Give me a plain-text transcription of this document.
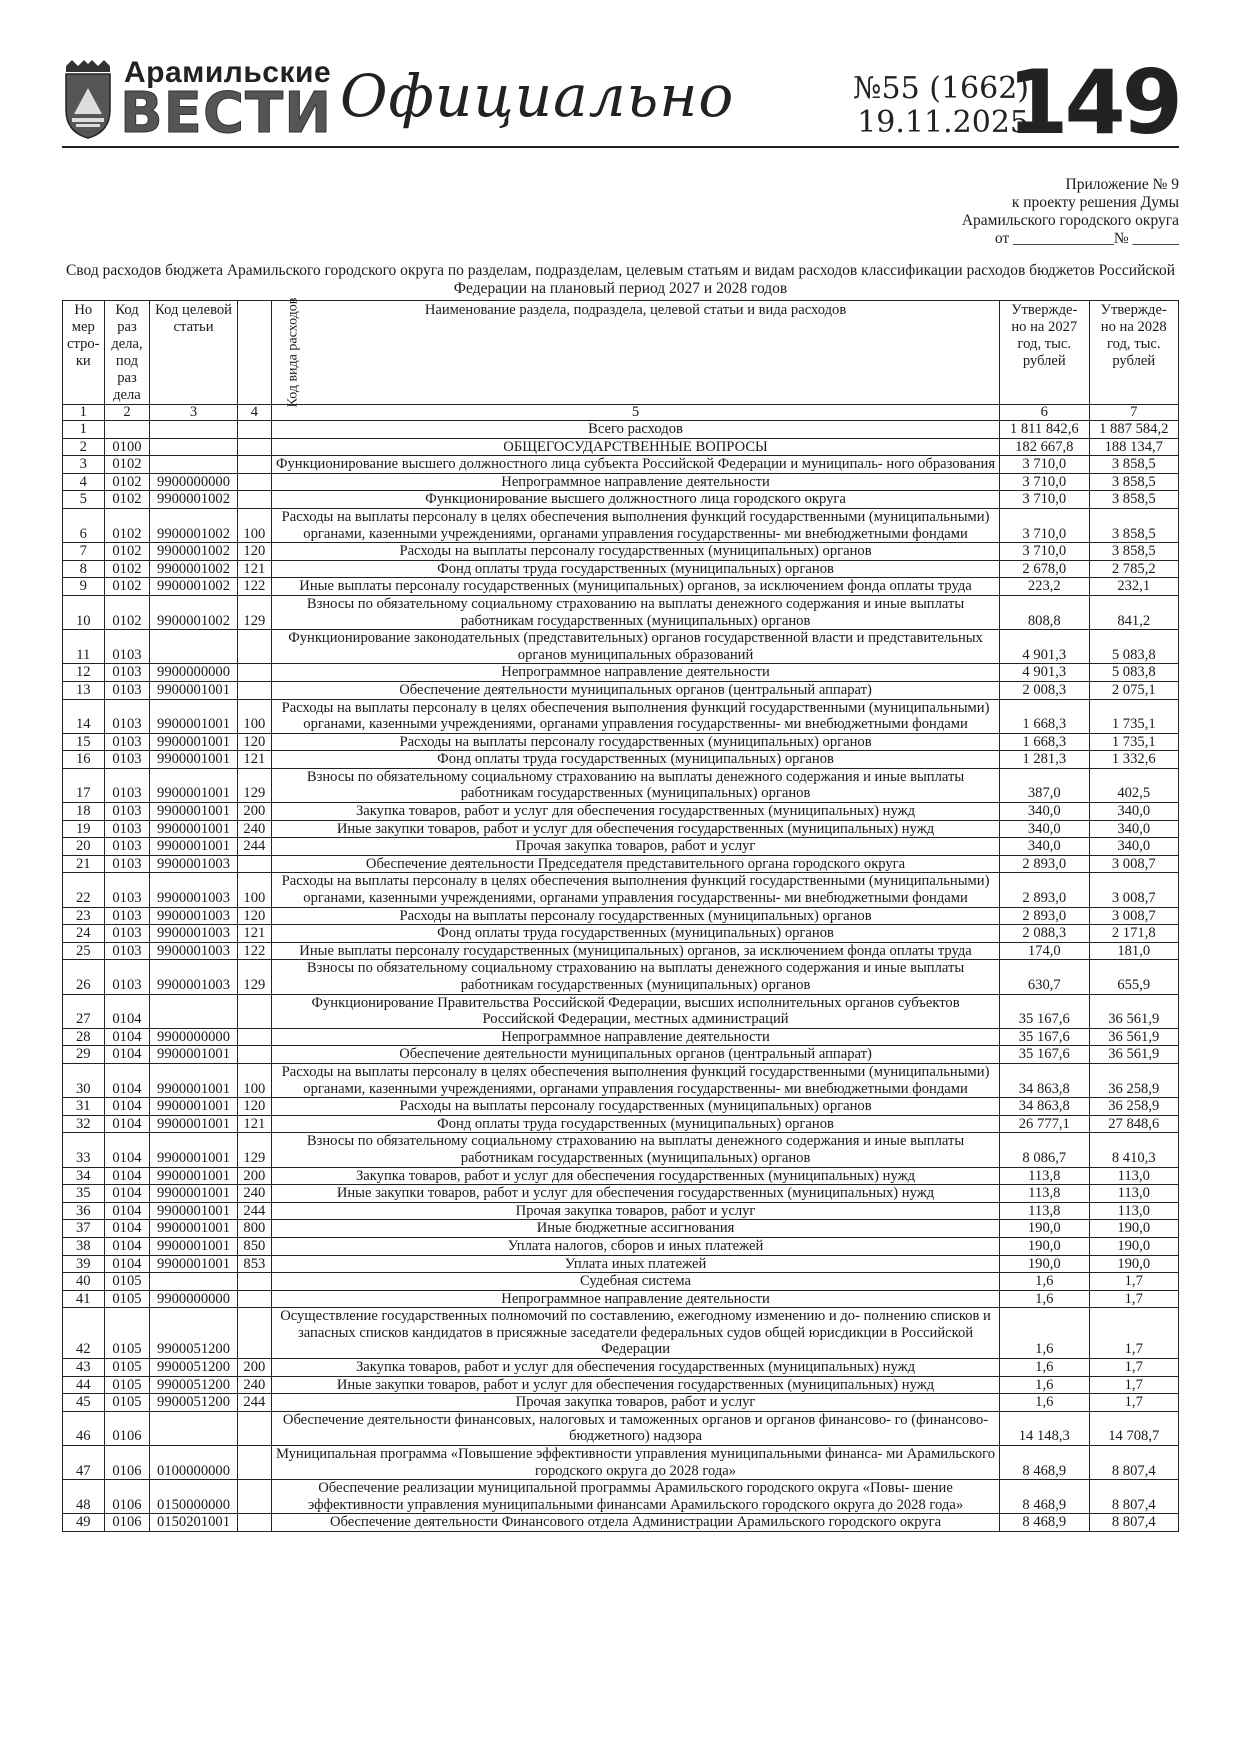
Арамильские
ВЕСТИ Официально	№55 (1662)
19.11.2025
149
Приложение № 9
к проекту решения Думы
Арамильского городского округа
от _____________№ ______
Свод расходов бюджета Арамильского городского округа по разделам, подразделам, целевым статьям и видам расходов классификации расходов бюджетов Российской Федерации на плановый период 2027 и 2028 годов
Но мер стро- ки	Код раз дела, под раз дела	Код целевой статьи	Код вида расходов	Наименование раздела, подраздела, целевой статьи и вида расходов	Утвержде- но на 2027 год, тыс. рублей	Утвержде- но на 2028 год, тыс. рублей
1	2	3	4	5	6	7
1				Всего расходов	1 811 842,6	1 887 584,2
2	0100			ОБЩЕГОСУДАРСТВЕННЫЕ ВОПРОСЫ	182 667,8	188 134,7
3	0102			Функционирование высшего должностного лица субъекта Российской Федерации и муниципаль- ного образования	3 710,0	3 858,5
4	0102	9900000000		Непрограммное направление деятельности	3 710,0	3 858,5
5	0102	9900001002		Функционирование высшего должностного лица городского округа	3 710,0	3 858,5
6	0102	9900001002	100	Расходы на выплаты персоналу в целях обеспечения выполнения функций государственными (муниципальными) органами, казенными учреждениями, органами управления государственны- ми внебюджетными фондами	3 710,0	3 858,5
7	0102	9900001002	120	Расходы на выплаты персоналу государственных (муниципальных) органов	3 710,0	3 858,5
8	0102	9900001002	121	Фонд оплаты труда государственных (муниципальных) органов	2 678,0	2 785,2
9	0102	9900001002	122	Иные выплаты персоналу государственных (муниципальных) органов, за исключением фонда оплаты труда	223,2	232,1
10	0102	9900001002	129	Взносы по обязательному социальному страхованию на выплаты денежного содержания и иные выплаты работникам государственных (муниципальных) органов	808,8	841,2
11	0103			Функционирование законодательных (представительных) органов государственной власти и представительных органов муниципальных образований	4 901,3	5 083,8
12	0103	9900000000		Непрограммное направление деятельности	4 901,3	5 083,8
13	0103	9900001001		Обеспечение деятельности муниципальных органов (центральный аппарат)	2 008,3	2 075,1
14	0103	9900001001	100	Расходы на выплаты персоналу в целях обеспечения выполнения функций государственными (муниципальными) органами, казенными учреждениями, органами управления государственны- ми внебюджетными фондами	1 668,3	1 735,1
15	0103	9900001001	120	Расходы на выплаты персоналу государственных (муниципальных) органов	1 668,3	1 735,1
16	0103	9900001001	121	Фонд оплаты труда государственных (муниципальных) органов	1 281,3	1 332,6
17	0103	9900001001	129	Взносы по обязательному социальному страхованию на выплаты денежного содержания и иные выплаты работникам государственных (муниципальных) органов	387,0	402,5
18	0103	9900001001	200	Закупка товаров, работ и услуг для обеспечения государственных (муниципальных) нужд	340,0	340,0
19	0103	9900001001	240	Иные закупки товаров, работ и услуг для обеспечения государственных (муниципальных) нужд	340,0	340,0
20	0103	9900001001	244	Прочая закупка товаров, работ и услуг	340,0	340,0
21	0103	9900001003		Обеспечение деятельности Председателя представительного органа городского округа	2 893,0	3 008,7
22	0103	9900001003	100	Расходы на выплаты персоналу в целях обеспечения выполнения функций государственными (муниципальными) органами, казенными учреждениями, органами управления государственны- ми внебюджетными фондами	2 893,0	3 008,7
23	0103	9900001003	120	Расходы на выплаты персоналу государственных (муниципальных) органов	2 893,0	3 008,7
24	0103	9900001003	121	Фонд оплаты труда государственных (муниципальных) органов	2 088,3	2 171,8
25	0103	9900001003	122	Иные выплаты персоналу государственных (муниципальных) органов, за исключением фонда оплаты труда	174,0	181,0
26	0103	9900001003	129	Взносы по обязательному социальному страхованию на выплаты денежного содержания и иные выплаты работникам государственных (муниципальных) органов	630,7	655,9
27	0104			Функционирование Правительства Российской Федерации, высших исполнительных органов субъектов Российской Федерации, местных администраций	35 167,6	36 561,9
28	0104	9900000000		Непрограммное направление деятельности	35 167,6	36 561,9
29	0104	9900001001		Обеспечение деятельности муниципальных органов (центральный аппарат)	35 167,6	36 561,9
30	0104	9900001001	100	Расходы на выплаты персоналу в целях обеспечения выполнения функций государственными (муниципальными) органами, казенными учреждениями, органами управления государственны- ми внебюджетными фондами	34 863,8	36 258,9
31	0104	9900001001	120	Расходы на выплаты персоналу государственных (муниципальных) органов	34 863,8	36 258,9
32	0104	9900001001	121	Фонд оплаты труда государственных (муниципальных) органов	26 777,1	27 848,6
33	0104	9900001001	129	Взносы по обязательному социальному страхованию на выплаты денежного содержания и иные выплаты работникам государственных (муниципальных) органов	8 086,7	8 410,3
34	0104	9900001001	200	Закупка товаров, работ и услуг для обеспечения государственных (муниципальных) нужд	113,8	113,0
35	0104	9900001001	240	Иные закупки товаров, работ и услуг для обеспечения государственных (муниципальных) нужд	113,8	113,0
36	0104	9900001001	244	Прочая закупка товаров, работ и услуг	113,8	113,0
37	0104	9900001001	800	Иные бюджетные ассигнования	190,0	190,0
38	0104	9900001001	850	Уплата налогов, сборов и иных платежей	190,0	190,0
39	0104	9900001001	853	Уплата иных платежей	190,0	190,0
40	0105			Судебная система	1,6	1,7
41	0105	9900000000		Непрограммное направление деятельности	1,6	1,7
42	0105	9900051200		Осуществление государственных полномочий по составлению, ежегодному изменению и до- полнению списков и запасных списков кандидатов в присяжные заседатели федеральных судов общей юрисдикции в Российской Федерации	1,6	1,7
43	0105	9900051200	200	Закупка товаров, работ и услуг для обеспечения государственных (муниципальных) нужд	1,6	1,7
44	0105	9900051200	240	Иные закупки товаров, работ и услуг для обеспечения государственных (муниципальных) нужд	1,6	1,7
45	0105	9900051200	244	Прочая закупка товаров, работ и услуг	1,6	1,7
46	0106			Обеспечение деятельности финансовых, налоговых и таможенных органов и органов финансово- го (финансово-бюджетного) надзора	14 148,3	14 708,7
47	0106	0100000000		Муниципальная программа «Повышение эффективности управления муниципальными финанса- ми Арамильского городского округа до 2028 года»	8 468,9	8 807,4
48	0106	0150000000		Обеспечение реализации муниципальной программы Арамильского городского округа «Повы- шение эффективности управления муниципальными финансами Арамильского городского округа до 2028 года»	8 468,9	8 807,4
49	0106	0150201001		Обеспечение деятельности Финансового отдела Администрации Арамильского городского округа	8 468,9	8 807,4
